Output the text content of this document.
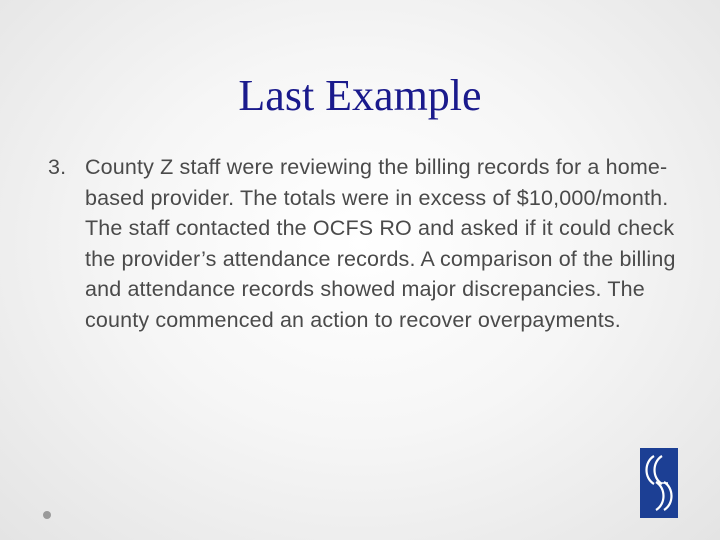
Last Example
3. County Z staff were reviewing the billing records for a home-based provider. The totals were in excess of $10,000/month. The staff contacted the OCFS RO and asked if it could check the provider’s attendance records. A comparison of the billing and attendance records showed major discrepancies. The county commenced an action to recover overpayments.
